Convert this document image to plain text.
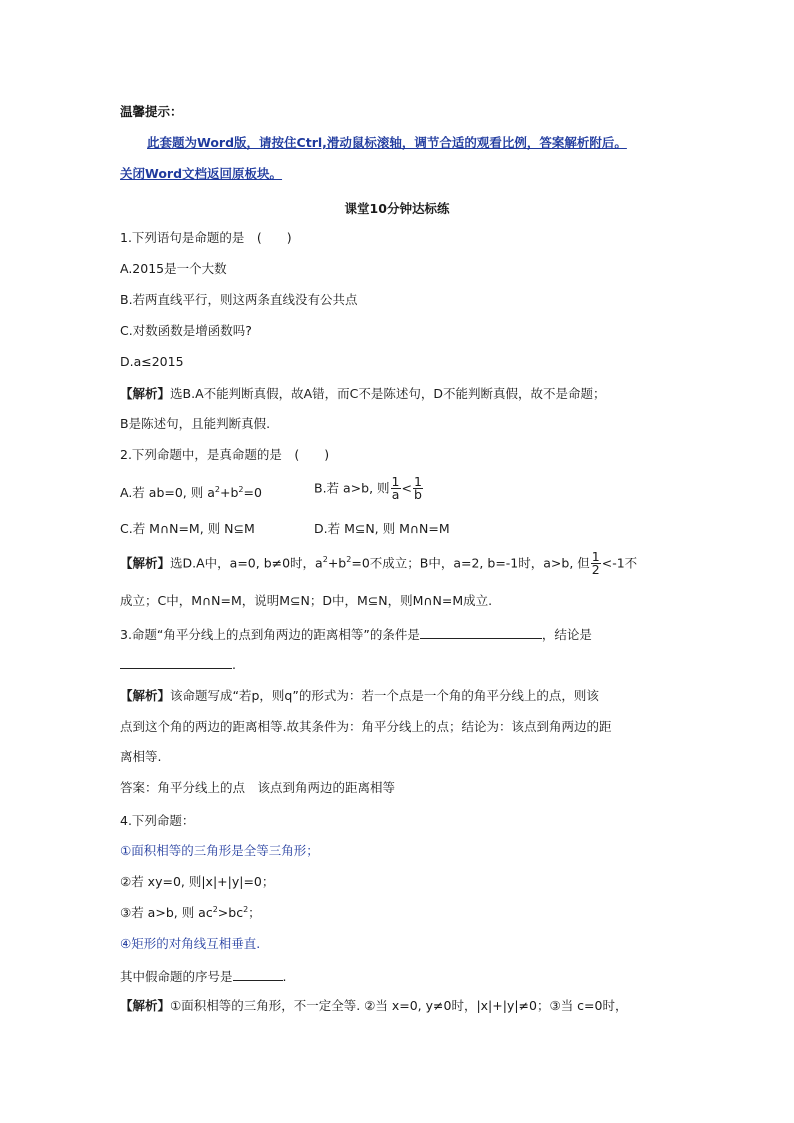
温馨提示：
此套题为Word版，请按住Ctrl,滑动鼠标滚轴，调节合适的观看比例，答案解析附后。
关闭Word文档返回原板块。
课堂10分钟达标练
1.下列语句是命题的是　(　　)
A.2015是一个大数
B.若两直线平行，则这两条直线没有公共点
C.对数函数是增函数吗?
D.a≤2015
【解析】选B.A不能判断真假，故A错，而C不是陈述句，D不能判断真假，故不是命题；
B是陈述句，且能判断真假.
2.下列命题中，是真命题的是　(　　)
A.若 ab=0, 则 $a^2+b^2=0$	B.若 a>b, 则 $\frac{1}{a} < \frac{1}{b}$
C.若 M∩N=M, 则 N⊆M	D.若 M⊆N, 则 M∩N=M
【解析】选D.A中，a=0, b≠0时，$a^2+b^2=0$不成立；B中，a=2, b=-1时，a>b, 但 $\frac{1}{2} <-1$不
成立；C中，M∩N=M，说明M⊆N；D中，M⊆N，则M∩N=M成立.
3.命题“角平分线上的点到角两边的距离相等”的条件是	，结论是
.
【解析】该命题写成“若p，则q”的形式为：若一个点是一个角的角平分线上的点，则该
点到这个角的两边的距离相等.故其条件为：角平分线上的点；结论为：该点到角两边的距
离相等.
答案：角平分线上的点　该点到角两边的距离相等
4.下列命题：
①面积相等的三角形是全等三角形；
②若 xy=0, 则|x|+|y|=0；
③若 a>b, 则 $ac^2>bc^2$；
④矩形的对角线互相垂直.
其中假命题的序号是	.
【解析】①面积相等的三角形，不一定全等. ②当 x=0, y≠0时，|x|+|y|≠0；③当 c=0时，
